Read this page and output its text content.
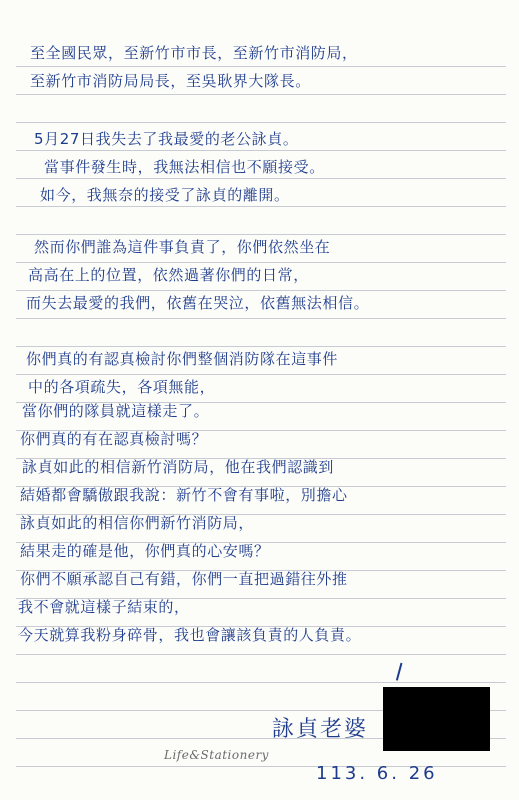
至全國民眾，至新竹市市長，至新竹市消防局，
至新竹市消防局局長，至吳耿界大隊長。
5月27日我失去了我最愛的老公詠貞。
當事件發生時，我無法相信也不願接受。
如今，我無奈的接受了詠貞的離開。
然而你們誰為這件事負責了，你們依然坐在
高高在上的位置，依然過著你們的日常，
而失去最愛的我們，依舊在哭泣，依舊無法相信。
你們真的有認真檢討你們整個消防隊在這事件
中的各項疏失，各項無能，
當你們的隊員就這樣走了。
你們真的有在認真檢討嗎？
詠貞如此的相信新竹消防局，他在我們認識到
結婚都會驕傲跟我說：新竹不會有事啦，別擔心
詠貞如此的相信你們新竹消防局，
結果走的確是他，你們真的心安嗎？
你們不願承認自己有錯，你們一直把過錯往外推
我不會就這樣子結束的，
今天就算我粉身碎骨，我也會讓該負責的人負責。
詠貞老婆
Life&Stationery
113. 6. 26
